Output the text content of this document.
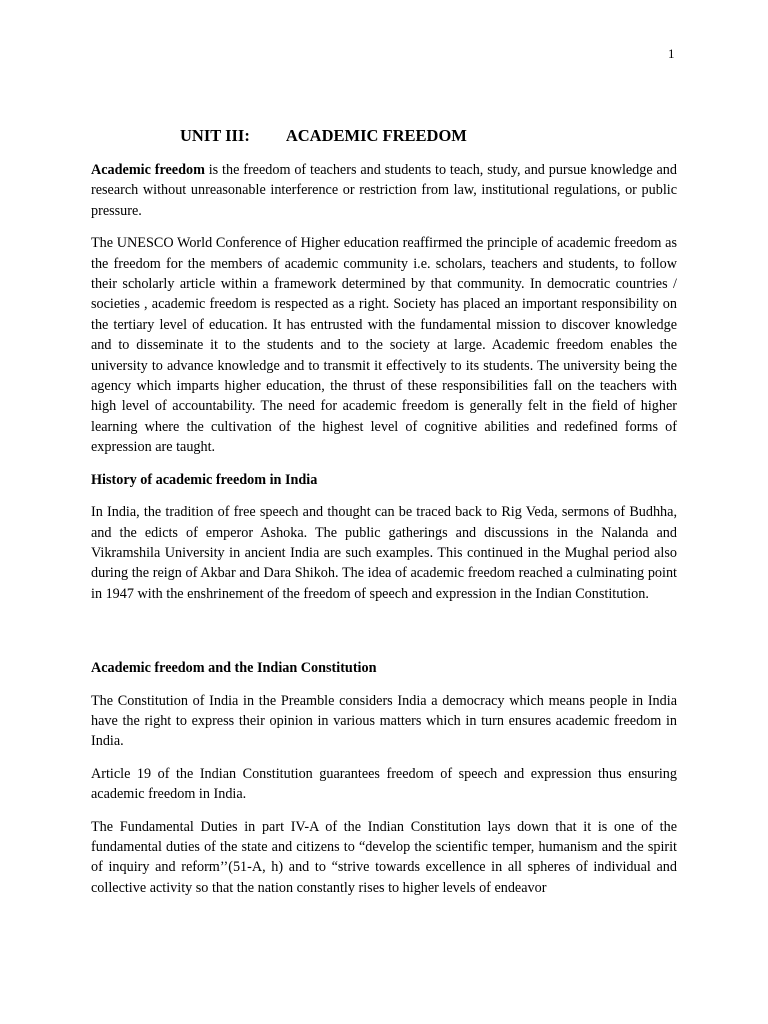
1
UNIT III: ACADEMIC FREEDOM

Academic freedom is the freedom of teachers and students to teach, study, and pursue knowledge and research without unreasonable interference or restriction from law, institutional regulations, or public pressure.

The UNESCO World Conference of Higher education reaffirmed the principle of academic freedom as the freedom for the members of academic community i.e. scholars, teachers and students, to follow their scholarly article within a framework determined by that community. In democratic countries / societies , academic freedom is respected as a right. Society has placed an important responsibility on the tertiary level of education. It has entrusted with the fundamental mission to discover knowledge and to disseminate it to the students and to the society at large. Academic freedom enables the university to advance knowledge and to transmit it effectively to its students. The university being the agency which imparts higher education, the thrust of these responsibilities fall on the teachers with high level of accountability. The need for academic freedom is generally felt in the field of higher learning where the cultivation of the highest level of cognitive abilities and redefined forms of expression are taught.

History of academic freedom in India

In India, the tradition of free speech and thought can be traced back to Rig Veda, sermons of Budhha, and the edicts of emperor Ashoka. The public gatherings and discussions in the Nalanda and Vikramshila University in ancient India are such examples. This continued in the Mughal period also during the reign of Akbar and Dara Shikoh. The idea of academic freedom reached a culminating point in 1947 with the enshrinement of the freedom of speech and expression in the Indian Constitution.

Academic freedom and the Indian Constitution

The Constitution of India in the Preamble considers India a democracy which means people in India have the right to express their opinion in various matters which in turn ensures academic freedom in India.

Article 19 of the Indian Constitution guarantees freedom of speech and expression thus ensuring academic freedom in India.

The Fundamental Duties in part IV-A of the Indian Constitution lays down that it is one of the fundamental duties of the state and citizens to “develop the scientific temper, humanism and the spirit of inquiry and reform’’(51-A, h) and to “strive towards excellence in all spheres of individual and collective activity so that the nation constantly rises to higher levels of endeavor
